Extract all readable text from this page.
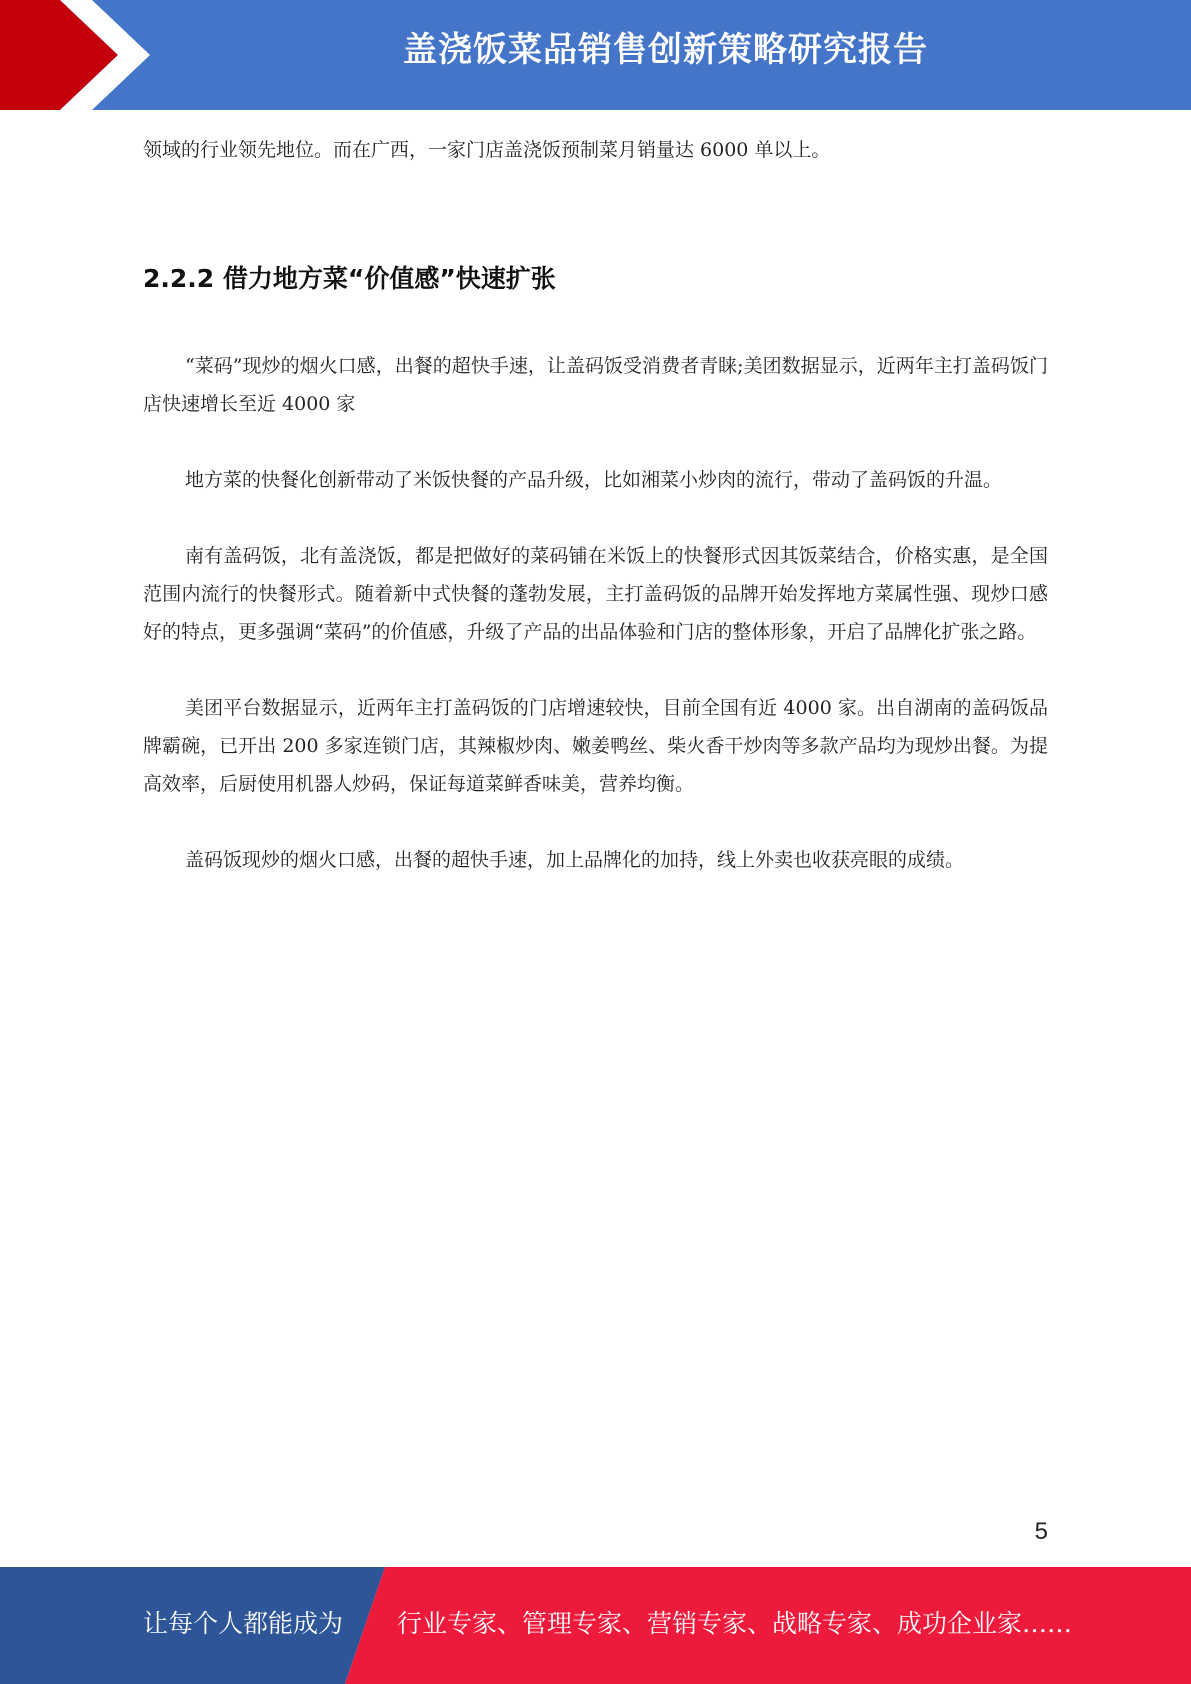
盖浇饭菜品销售创新策略研究报告

领域的行业领先地位。而在广西，一家门店盖浇饭预制菜月销量达 6000 单以上。

2.2.2 借力地方菜“价值感”快速扩张

“菜码”现炒的烟火口感，出餐的超快手速，让盖码饭受消费者青睐;美团数据显示，近两年主打盖码饭门店快速增长至近 4000 家

地方菜的快餐化创新带动了米饭快餐的产品升级，比如湘菜小炒肉的流行，带动了盖码饭的升温。

南有盖码饭，北有盖浇饭，都是把做好的菜码铺在米饭上的快餐形式因其饭菜结合，价格实惠，是全国范围内流行的快餐形式。随着新中式快餐的蓬勃发展，主打盖码饭的品牌开始发挥地方菜属性强、现炒口感好的特点，更多强调“菜码”的价值感，升级了产品的出品体验和门店的整体形象，开启了品牌化扩张之路。

美团平台数据显示，近两年主打盖码饭的门店增速较快，目前全国有近 4000 家。出自湖南的盖码饭品牌霸碗，已开出 200 多家连锁门店，其辣椒炒肉、嫩姜鸭丝、柴火香干炒肉等多款产品均为现炒出餐。为提高效率，后厨使用机器人炒码，保证每道菜鲜香味美，营养均衡。

盖码饭现炒的烟火口感，出餐的超快手速，加上品牌化的加持，线上外卖也收获亮眼的成绩。

5
让每个人都能成为 行业专家、管理专家、营销专家、战略专家、成功企业家……
